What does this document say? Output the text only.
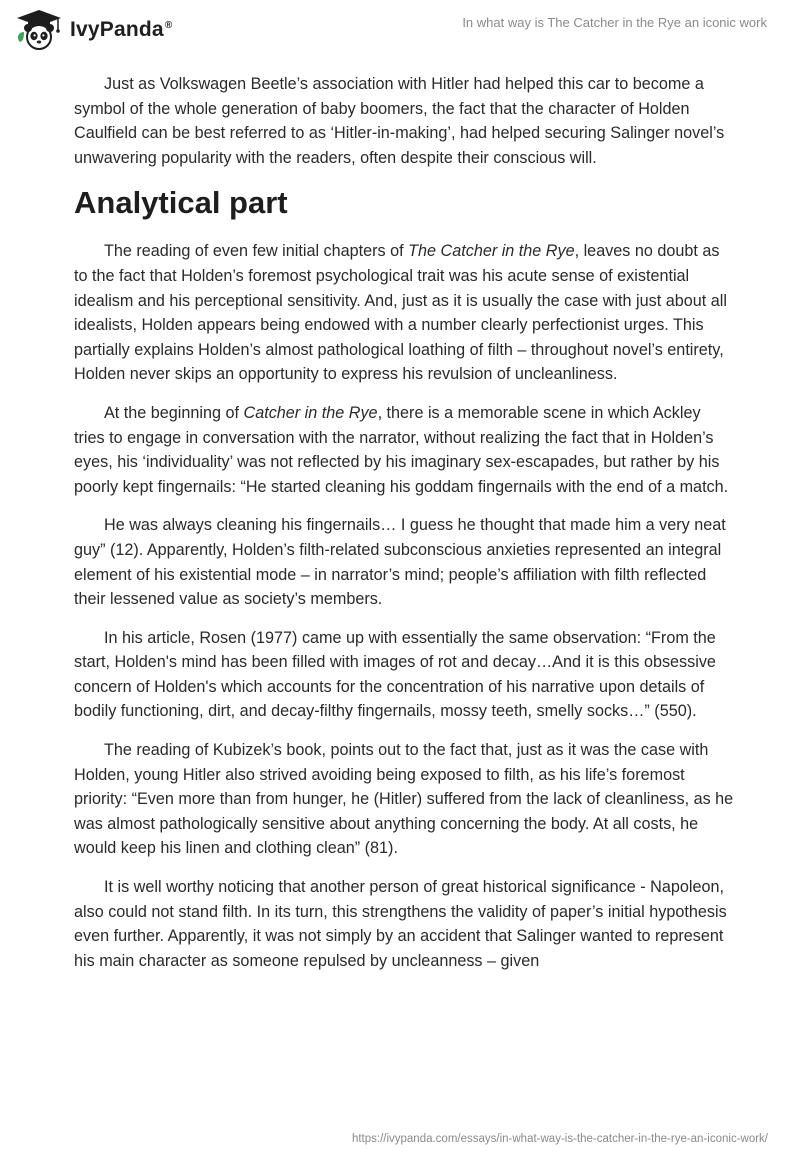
IvyPanda®	In what way is The Catcher in the Rye an iconic work

Just as Volkswagen Beetle’s association with Hitler had helped this car to become a symbol of the whole generation of baby boomers, the fact that the character of Holden Caulfield can be best referred to as ‘Hitler-in-making’, had helped securing Salinger novel’s unwavering popularity with the readers, often despite their conscious will.

Analytical part

The reading of even few initial chapters of The Catcher in the Rye, leaves no doubt as to the fact that Holden’s foremost psychological trait was his acute sense of existential idealism and his perceptional sensitivity. And, just as it is usually the case with just about all idealists, Holden appears being endowed with a number clearly perfectionist urges. This partially explains Holden’s almost pathological loathing of filth – throughout novel’s entirety, Holden never skips an opportunity to express his revulsion of uncleanliness.

At the beginning of Catcher in the Rye, there is a memorable scene in which Ackley tries to engage in conversation with the narrator, without realizing the fact that in Holden’s eyes, his ‘individuality’ was not reflected by his imaginary sex-escapades, but rather by his poorly kept fingernails: “He started cleaning his goddam fingernails with the end of a match.

He was always cleaning his fingernails… I guess he thought that made him a very neat guy” (12). Apparently, Holden’s filth-related subconscious anxieties represented an integral element of his existential mode – in narrator’s mind; people’s affiliation with filth reflected their lessened value as society’s members.

In his article, Rosen (1977) came up with essentially the same observation: “From the start, Holden's mind has been filled with images of rot and decay…And it is this obsessive concern of Holden's which accounts for the concentration of his narrative upon details of bodily functioning, dirt, and decay-filthy fingernails, mossy teeth, smelly socks…” (550).

The reading of Kubizek’s book, points out to the fact that, just as it was the case with Holden, young Hitler also strived avoiding being exposed to filth, as his life’s foremost priority: “Even more than from hunger, he (Hitler) suffered from the lack of cleanliness, as he was almost pathologically sensitive about anything concerning the body. At all costs, he would keep his linen and clothing clean” (81).

It is well worthy noticing that another person of great historical significance - Napoleon, also could not stand filth. In its turn, this strengthens the validity of paper’s initial hypothesis even further. Apparently, it was not simply by an accident that Salinger wanted to represent his main character as someone repulsed by uncleanness – given

https://ivypanda.com/essays/in-what-way-is-the-catcher-in-the-rye-an-iconic-work/
